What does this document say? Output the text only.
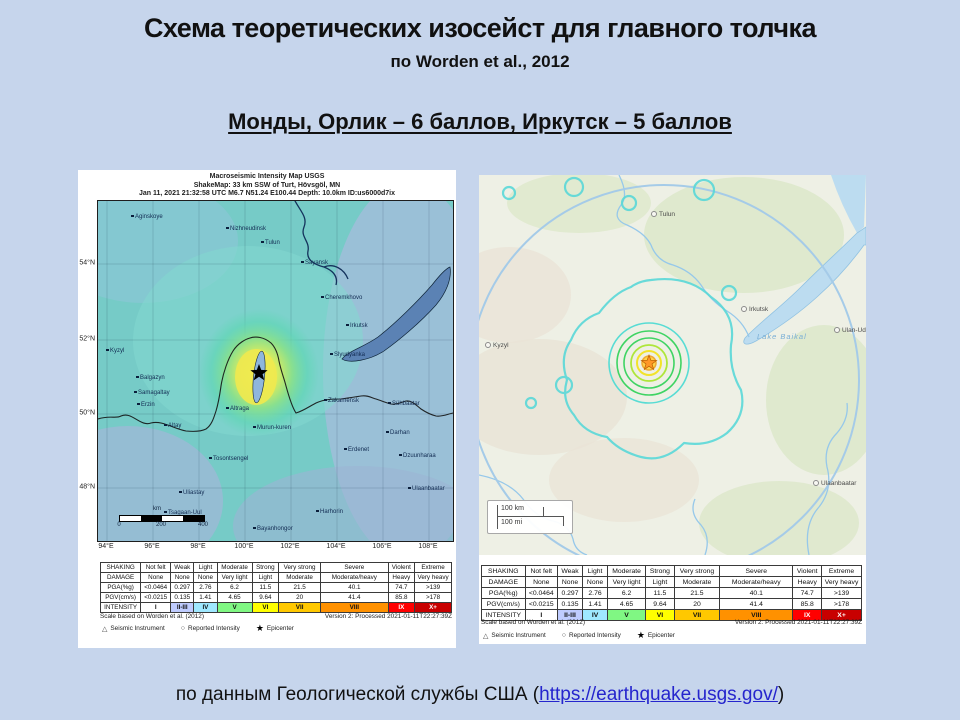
Схема теоретических изосейст для главного толчка
по Worden et al., 2012
Монды, Орлик – 6 баллов, Иркутск – 5 баллов
Macroseismic Intensity Map USGS
ShakeMap: 33 km SSW of Turt, Hövsgöl, MN
Jan 11, 2021 21:32:58 UTC M6.7 N51.24 E100.44 Depth: 10.0km ID:us6000d7ix
Aginskoye
Nizhneudinsk
Tulun
Sayansk
Cheremkhovo
Irkutsk
Slyudyanka
Kyzyl
Balgazyn
Samagaltay
Erzin
Altay
Altraga
Murun-kuren
Zakamensk	Sühbaatar
Darhan
Erdenet
Dzuunharaa
Tosontsengel
Uliastay
Ulaanbaatar
Tsagaan-Uul	Harhorin
Bayanhongor
km
0	200	400
54°N
52°N
50°N
48°N
94°E	96°E	98°E	100°E	102°E	104°E	106°E	108°E
SHAKING	Not felt	Weak	Light	Moderate	Strong	Very strong	Severe	Violent	Extreme
DAMAGE	None	None	None	Very light	Light	Moderate	Moderate/heavy	Heavy	Very heavy
PGA(%g)	<0.0464	0.297	2.76	6.2	11.5	21.5	40.1	74.7	>139
PGV(cm/s)	<0.0215	0.135	1.41	4.65	9.64	20	41.4	85.8	>178
INTENSITY	I	II-III	IV	V	VI	VII	VIII	IX	X+
Scale based on Worden et al. (2012)	Version 2: Processed 2021-01-11T22:27:39Z
△ Seismic Instrument ○ Reported Intensity ★ Epicenter
Tulun
Irkutsk
Kyzyl
Ulan-Ud
Ulaanbaatar
Lake Baikal
100 km
100 mi
SHAKING	Not felt	Weak	Light	Moderate	Strong	Very strong	Severe	Violent	Extreme
DAMAGE	None	None	None	Very light	Light	Moderate	Moderate/heavy	Heavy	Very heavy
PGA(%g)	<0.0464	0.297	2.76	6.2	11.5	21.5	40.1	74.7	>139
PGV(cm/s)	<0.0215	0.135	1.41	4.65	9.64	20	41.4	85.8	>178
INTENSITY	I	II-III	IV	V	VI	VII	VIII	IX	X+
Scale based on Worden et al. (2012)	Version 2: Processed 2021-01-11T22:27:39Z
△ Seismic Instrument ○ Reported Intensity ★ Epicenter
по данным Геологической службы США (https://earthquake.usgs.gov/)
